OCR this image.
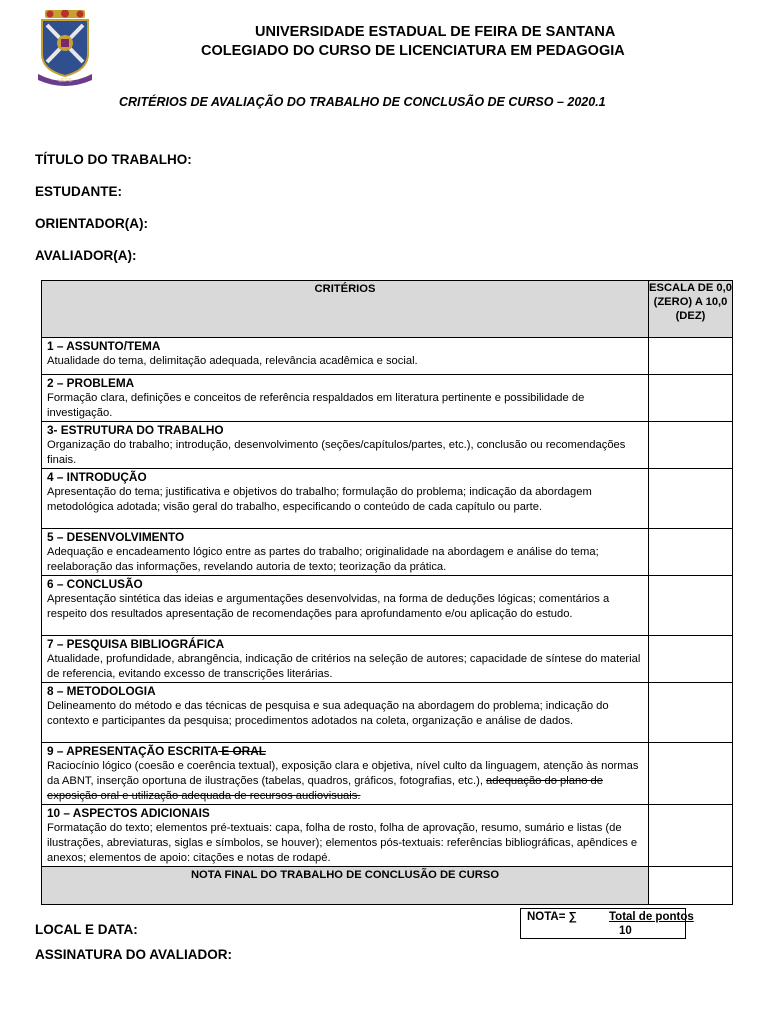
UEFS
UNIVERSIDADE ESTADUAL DE FEIRA DE SANTANA
COLEGIADO DO CURSO DE LICENCIATURA EM PEDAGOGIA
CRITÉRIOS DE AVALIAÇÃO DO TRABALHO DE CONCLUSÃO DE CURSO – 2020.1
TÍTULO DO TRABALHO:
ESTUDANTE:
ORIENTADOR(A):
AVALIADOR(A):
CRITÉRIOS	ESCALA DE 0,0 (ZERO) A 10,0 (DEZ)

1 – ASSUNTO/TEMA
Atualidade do tema, delimitação adequada, relevância acadêmica e social.	

2 – PROBLEMA
Formação clara, definições e conceitos de referência respaldados em literatura pertinente e possibilidade de investigação.	

3- ESTRUTURA DO TRABALHO
Organização do trabalho; introdução, desenvolvimento (seções/capítulos/partes, etc.), conclusão ou recomendações finais.	

4 – INTRODUÇÃO
Apresentação do tema; justificativa e objetivos do trabalho; formulação do problema; indicação da abordagem metodológica adotada; visão geral do trabalho, especificando o conteúdo de cada capítulo ou parte.	

5 – DESENVOLVIMENTO
Adequação e encadeamento lógico entre as partes do trabalho; originalidade na abordagem e análise do tema; reelaboração das informações, revelando autoria de texto; teorização da prática.	

6 – CONCLUSÃO
Apresentação sintética das ideias e argumentações desenvolvidas, na forma de deduções lógicas; comentários a respeito dos resultados apresentação de recomendações para aprofundamento e/ou aplicação do estudo.	

7 – PESQUISA BIBLIOGRÁFICA
Atualidade, profundidade, abrangência, indicação de critérios na seleção de autores; capacidade de síntese do material de referencia, evitando excesso de transcrições literárias.	

8 – METODOLOGIA
Delineamento do método e das técnicas de pesquisa e sua adequação na abordagem do problema; indicação do contexto e participantes da pesquisa; procedimentos adotados na coleta, organização e análise de dados.	

9 – APRESENTAÇÃO ESCRITA E ORAL
Raciocínio lógico (coesão e coerência textual), exposição clara e objetiva, nível culto da linguagem, atenção às normas da ABNT, inserção oportuna de ilustrações (tabelas, quadros, gráficos, fotografias, etc.), adequação do plano de exposição oral e utilização adequada de recursos audiovisuais.	

10 – ASPECTOS ADICIONAIS
Formatação do texto; elementos pré-textuais: capa, folha de rosto, folha de aprovação, resumo, sumário e listas (de ilustrações, abreviaturas, siglas e símbolos, se houver); elementos pós-textuais: referências bibliográficas, apêndices e anexos; elementos de apoio: citações e notas de rodapé.	

NOTA FINAL DO TRABALHO DE CONCLUSÃO DE CURSO	
LOCAL E DATA:
ASSINATURA DO AVALIADOR:
NOTA= ∑	Total de pontos
10
